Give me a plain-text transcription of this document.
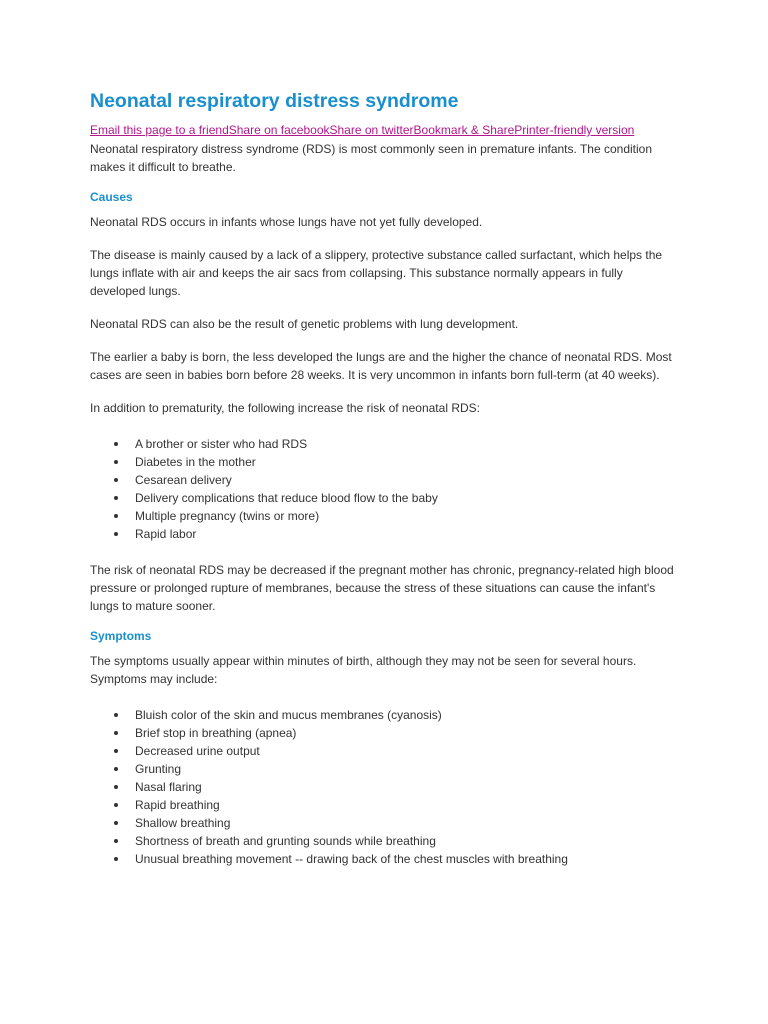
Neonatal respiratory distress syndrome
Email this page to a friendShare on facebookShare on twitterBookmark & SharePrinter-friendly version

Neonatal respiratory distress syndrome (RDS) is most commonly seen in premature infants. The condition makes it difficult to breathe.

Causes

Neonatal RDS occurs in infants whose lungs have not yet fully developed.

The disease is mainly caused by a lack of a slippery, protective substance called surfactant, which helps the lungs inflate with air and keeps the air sacs from collapsing. This substance normally appears in fully developed lungs.

Neonatal RDS can also be the result of genetic problems with lung development.

The earlier a baby is born, the less developed the lungs are and the higher the chance of neonatal RDS. Most cases are seen in babies born before 28 weeks. It is very uncommon in infants born full-term (at 40 weeks).

In addition to prematurity, the following increase the risk of neonatal RDS:

A brother or sister who had RDS
Diabetes in the mother
Cesarean delivery
Delivery complications that reduce blood flow to the baby
Multiple pregnancy (twins or more)
Rapid labor

The risk of neonatal RDS may be decreased if the pregnant mother has chronic, pregnancy-related high blood pressure or prolonged rupture of membranes, because the stress of these situations can cause the infant's lungs to mature sooner.

Symptoms

The symptoms usually appear within minutes of birth, although they may not be seen for several hours. Symptoms may include:

Bluish color of the skin and mucus membranes (cyanosis)
Brief stop in breathing (apnea)
Decreased urine output
Grunting
Nasal flaring
Rapid breathing
Shallow breathing
Shortness of breath and grunting sounds while breathing
Unusual breathing movement -- drawing back of the chest muscles with breathing
